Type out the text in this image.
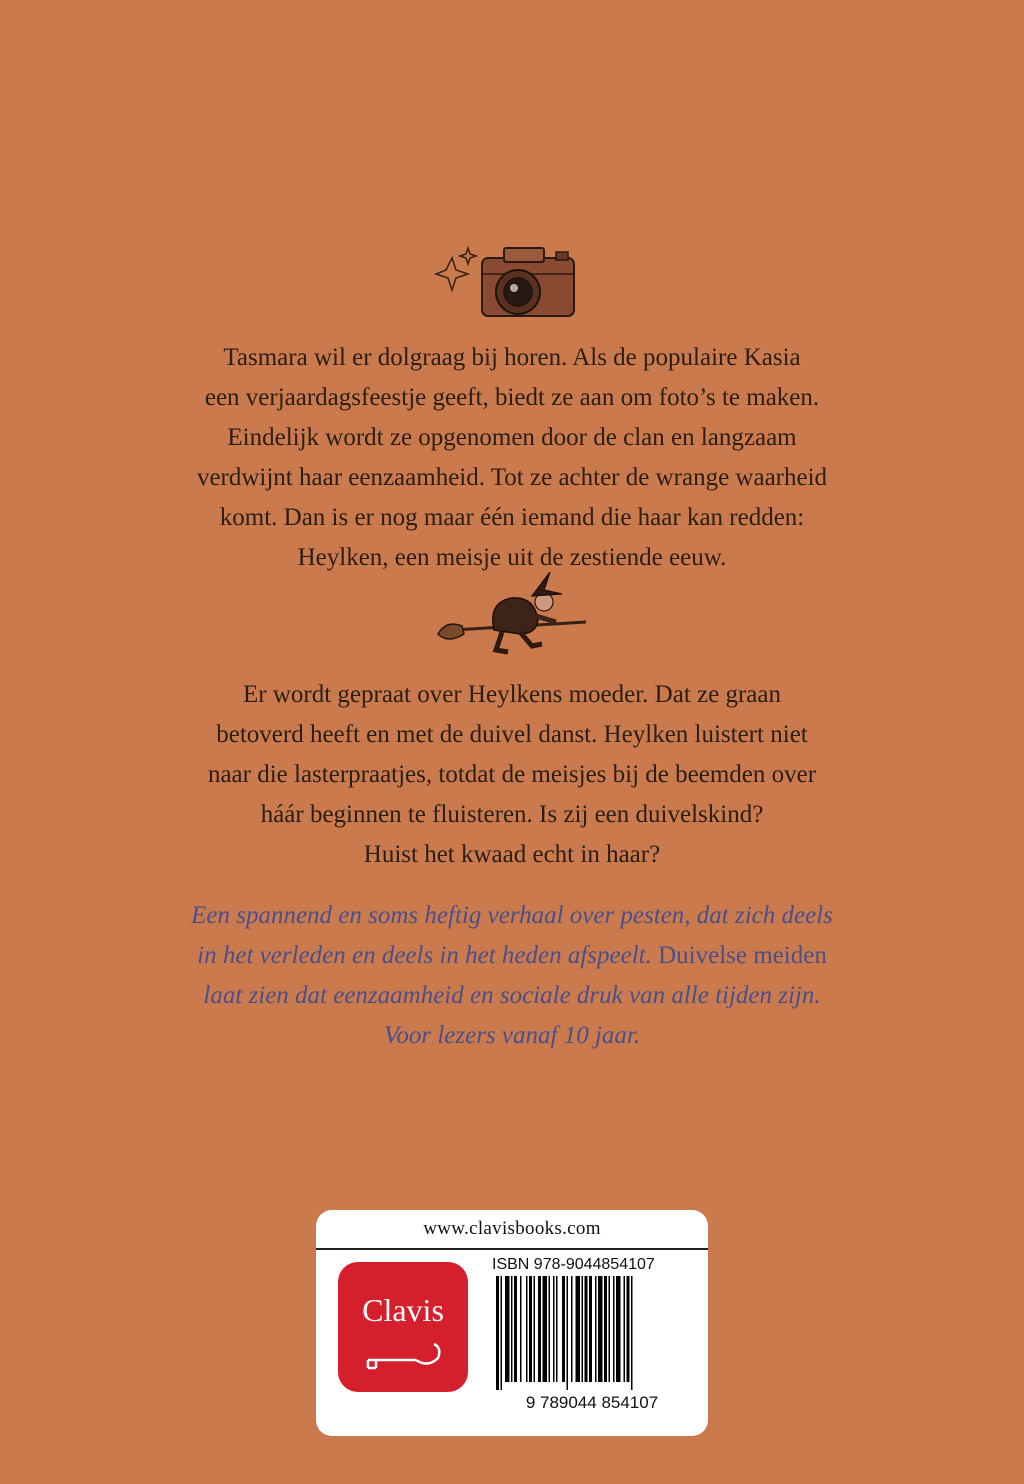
Tasmara wil er dolgraag bij horen. Als de populaire Kasia
een verjaardagsfeestje geeft, biedt ze aan om foto’s te maken.
Eindelijk wordt ze opgenomen door de clan en langzaam
verdwijnt haar eenzaamheid. Tot ze achter de wrange waarheid
komt. Dan is er nog maar één iemand die haar kan redden:
Heylken, een meisje uit de zestiende eeuw.
Er wordt gepraat over Heylkens moeder. Dat ze graan
betoverd heeft en met de duivel danst. Heylken luistert niet
naar die lasterpraatjes, totdat de meisjes bij de beemden over
háár beginnen te fluisteren. Is zij een duivelskind?
Huist het kwaad echt in haar?
Een spannend en soms heftig verhaal over pesten, dat zich deels
in het verleden en deels in het heden afspeelt. Duivelse meiden
laat zien dat eenzaamheid en sociale druk van alle tijden zijn.
Voor lezers vanaf 10 jaar.
www.clavisbooks.com
Clavis
ISBN 978-9044854107
9 789044 854107
